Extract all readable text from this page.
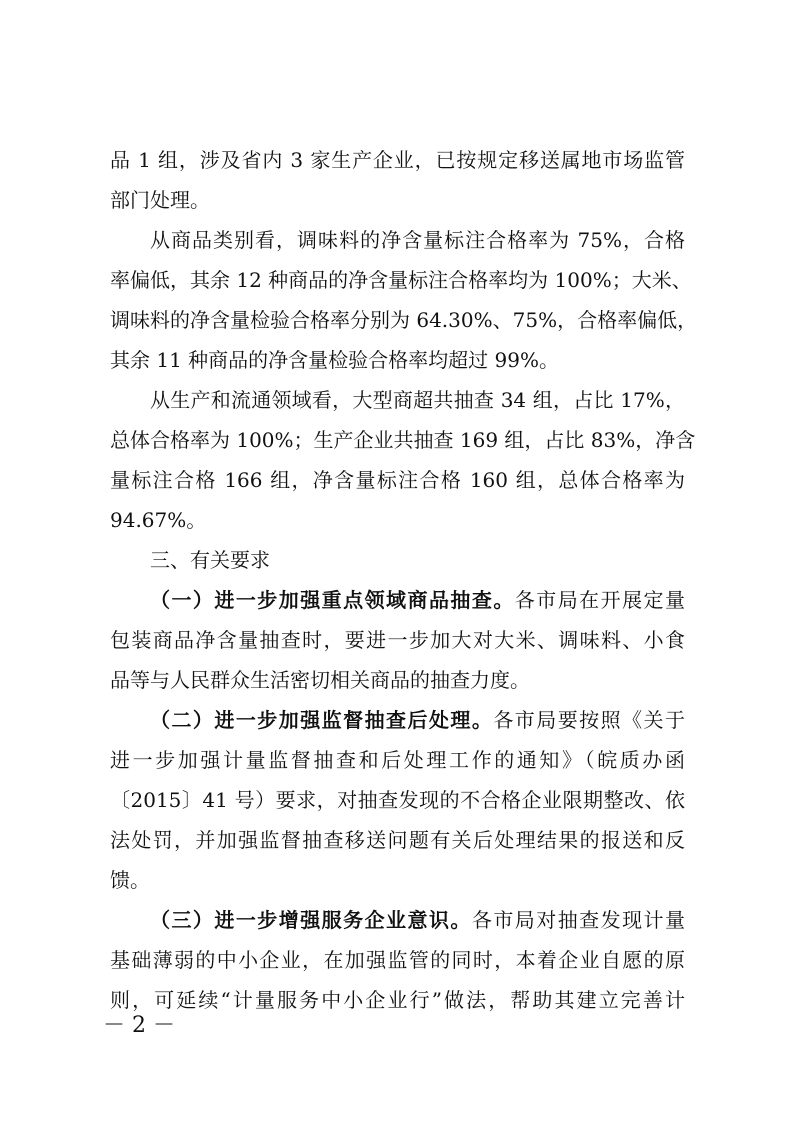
品 1 组，涉及省内 3 家生产企业，已按规定移送属地市场监管
部门处理。
从商品类别看，调味料的净含量标注合格率为 75%，合格
率偏低，其余 12 种商品的净含量标注合格率均为 100%；大米、
调味料的净含量检验合格率分别为 64.30%、75%，合格率偏低，
其余 11 种商品的净含量检验合格率均超过 99%。
从生产和流通领域看，大型商超共抽查 34 组，占比 17%，
总体合格率为 100%；生产企业共抽查 169 组，占比 83%，净含
量标注合格 166 组，净含量标注合格 160 组，总体合格率为
94.67%。
三、有关要求
（一）进一步加强重点领域商品抽查。各市局在开展定量
包装商品净含量抽查时，要进一步加大对大米、调味料、小食
品等与人民群众生活密切相关商品的抽查力度。
（二）进一步加强监督抽查后处理。各市局要按照《关于
进一步加强计量监督抽查和后处理工作的通知》（皖质办函
〔2015〕41 号）要求，对抽查发现的不合格企业限期整改、依
法处罚，并加强监督抽查移送问题有关后处理结果的报送和反
馈。
（三）进一步增强服务企业意识。各市局对抽查发现计量
基础薄弱的中小企业，在加强监管的同时，本着企业自愿的原
则，可延续“计量服务中小企业行”做法，帮助其建立完善计
－ 2 －
